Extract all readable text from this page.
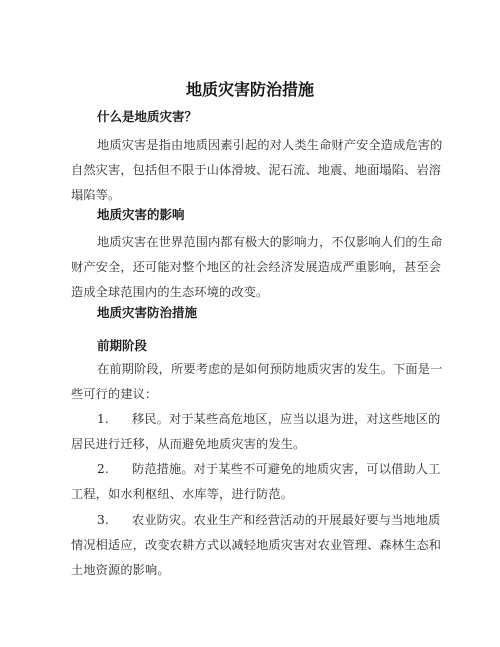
地质灾害防治措施
什么是地质灾害？
地质灾害是指由地质因素引起的对人类生命财产安全造成危害的
自然灾害，包括但不限于山体滑坡、泥石流、地震、地面塌陷、岩溶
塌陷等。
地质灾害的影响
地质灾害在世界范围内都有极大的影响力，不仅影响人们的生命
财产安全，还可能对整个地区的社会经济发展造成严重影响，甚至会
造成全球范围内的生态环境的改变。
地质灾害防治措施
前期阶段
在前期阶段，所要考虑的是如何预防地质灾害的发生。下面是一
些可行的建议：
1. 移民。对于某些高危地区，应当以退为进，对这些地区的
居民进行迁移，从而避免地质灾害的发生。
2. 防范措施。对于某些不可避免的地质灾害，可以借助人工
工程，如水利枢纽、水库等，进行防范。
3. 农业防灾。农业生产和经营活动的开展最好要与当地地质
情况相适应，改变农耕方式以减轻地质灾害对农业管理、森林生态和
土地资源的影响。
